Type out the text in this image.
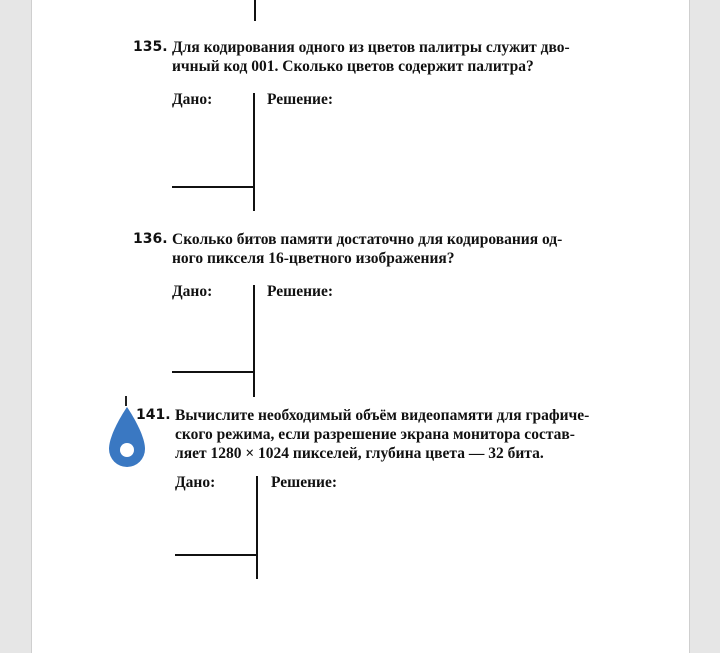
135. Для кодирования одного из цветов палитры служит дво-
ичный код 001. Сколько цветов содержит палитра?
Дано:	Решение:
136. Сколько битов памяти достаточно для кодирования од-
ного пикселя 16-цветного изображения?
Дано:	Решение:
141. Вычислите необходимый объём видеопамяти для графиче-
ского режима, если разрешение экрана монитора состав-
ляет 1280 × 1024 пикселей, глубина цвета — 32 бита.
Дано:	Решение:
